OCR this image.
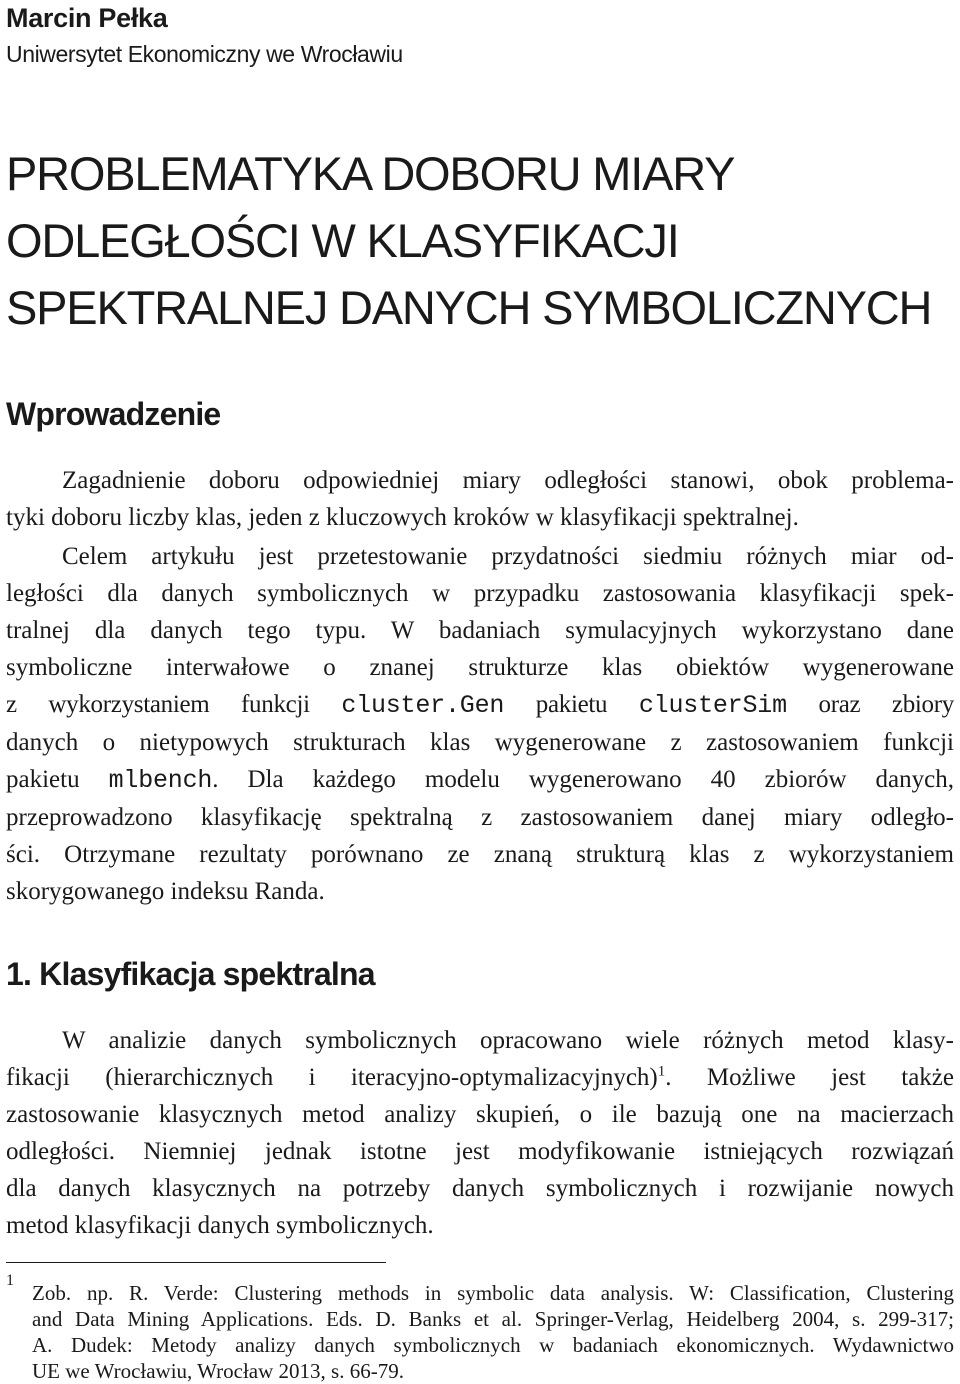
Marcin Pełka
Uniwersytet Ekonomiczny we Wrocławiu
PROBLEMATYKA DOBORU MIARY
ODLEGŁOŚCI W KLASYFIKACJI
SPEKTRALNEJ DANYCH SYMBOLICZNYCH
Wprowadzenie

Zagadnienie doboru odpowiedniej miary odległości stanowi, obok problema-
tyki doboru liczby klas, jeden z kluczowych kroków w klasyfikacji spektralnej.

Celem artykułu jest przetestowanie przydatności siedmiu różnych miar od-
ległości dla danych symbolicznych w przypadku zastosowania klasyfikacji spek-
tralnej dla danych tego typu. W badaniach symulacyjnych wykorzystano dane
symboliczne interwałowe o znanej strukturze klas obiektów wygenerowane
z wykorzystaniem funkcji cluster.Gen pakietu clusterSim oraz zbiory
danych o nietypowych strukturach klas wygenerowane z zastosowaniem funkcji
pakietu mlbench. Dla każdego modelu wygenerowano 40 zbiorów danych,
przeprowadzono klasyfikację spektralną z zastosowaniem danej miary odległo-
ści. Otrzymane rezultaty porównano ze znaną strukturą klas z wykorzystaniem
skorygowanego indeksu Randa.

1. Klasyfikacja spektralna

W analizie danych symbolicznych opracowano wiele różnych metod klasy-
fikacji (hierarchicznych i iteracyjno-optymalizacyjnych)$^1$. Możliwe jest także
zastosowanie klasycznych metod analizy skupień, o ile bazują one na macierzach
odległości. Niemniej jednak istotne jest modyfikowanie istniejących rozwiązań
dla danych klasycznych na potrzeby danych symbolicznych i rozwijanie nowych
metod klasyfikacji danych symbolicznych.

1
Zob. np. R. Verde: Clustering methods in symbolic data analysis. W: Classification, Clustering
and Data Mining Applications. Eds. D. Banks et al. Springer-Verlag, Heidelberg 2004, s. 299-317;
A. Dudek: Metody analizy danych symbolicznych w badaniach ekonomicznych. Wydawnictwo
UE we Wrocławiu, Wrocław 2013, s. 66-79.
